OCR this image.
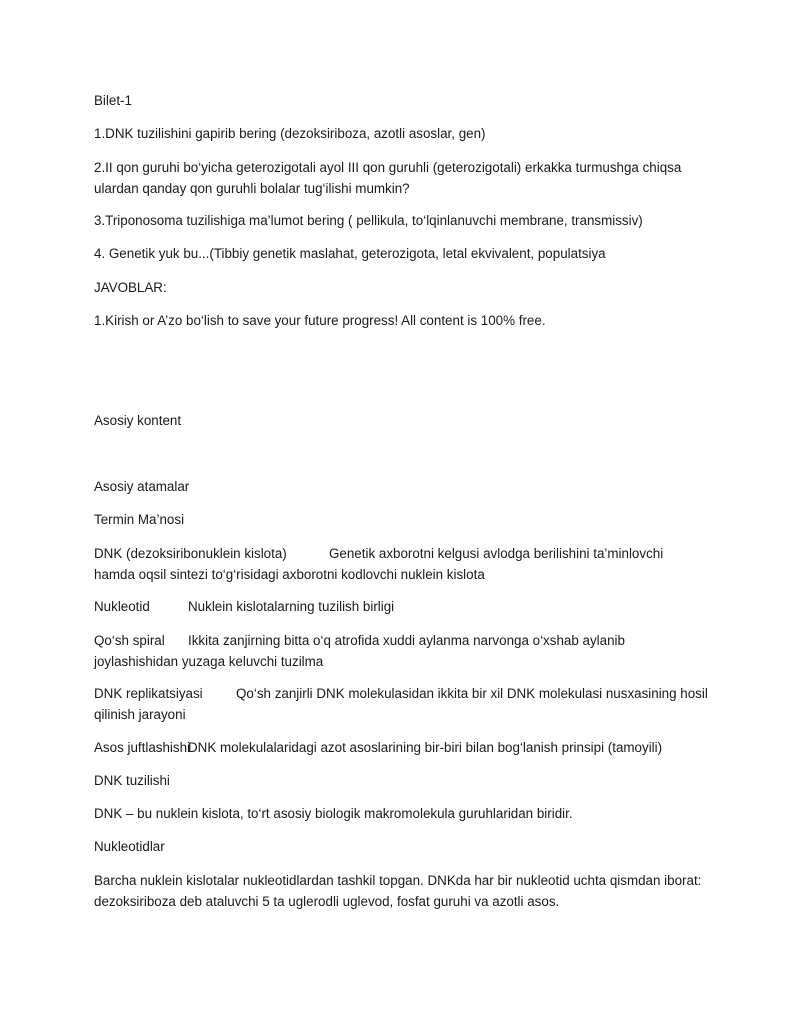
Bilet-1
1.DNK tuzilishini gapirib bering (dezoksiriboza, azotli asoslar, gen)
2.II qon guruhi bo‘yicha geterozigotali ayol III qon guruhli (geterozigotali) erkakka turmushga chiqsa
ulardan qanday qon guruhli bolalar tug‘ilishi mumkin?
3.Triponosoma tuzilishiga ma’lumot bering ( pellikula, to‘lqinlanuvchi membrane, transmissiv)
4. Genetik yuk bu...(Tibbiy genetik maslahat, geterozigota, letal ekvivalent, populatsiya
JAVOBLAR:
1.Kirish or A’zo bo‘lish to save your future progress! All content is 100% free.
Asosiy kontent
Asosiy atamalar
Termin Ma’nosi
DNK (dezoksiribonuklein kislota)	Genetik axborotni kelgusi avlodga berilishini ta’minlovchi
hamda oqsil sintezi to‘g‘risidagi axborotni kodlovchi nuklein kislota
Nukleotid	Nuklein kislotalarning tuzilish birligi
Qo‘sh spiral Ikkita zanjirning bitta o‘q atrofida xuddi aylanma narvonga o‘xshab aylanib
joylashishidan yuzaga keluvchi tuzilma
DNK replikatsiyasi Qo‘sh zanjirli DNK molekulasidan ikkita bir xil DNK molekulasi nusxasining hosil
qilinish jarayoni
Asos juftlashishi
DNK molekulalaridagi azot asoslarining bir-biri bilan bog‘lanish prinsipi (tamoyili)
DNK tuzilishi
DNK – bu nuklein kislota, to‘rt asosiy biologik makromolekula guruhlaridan biridir.
Nukleotidlar
Barcha nuklein kislotalar nukleotidlardan tashkil topgan. DNKda har bir nukleotid uchta qismdan iborat:
dezoksiriboza deb ataluvchi 5 ta uglerodli uglevod, fosfat guruhi va azotli asos.
